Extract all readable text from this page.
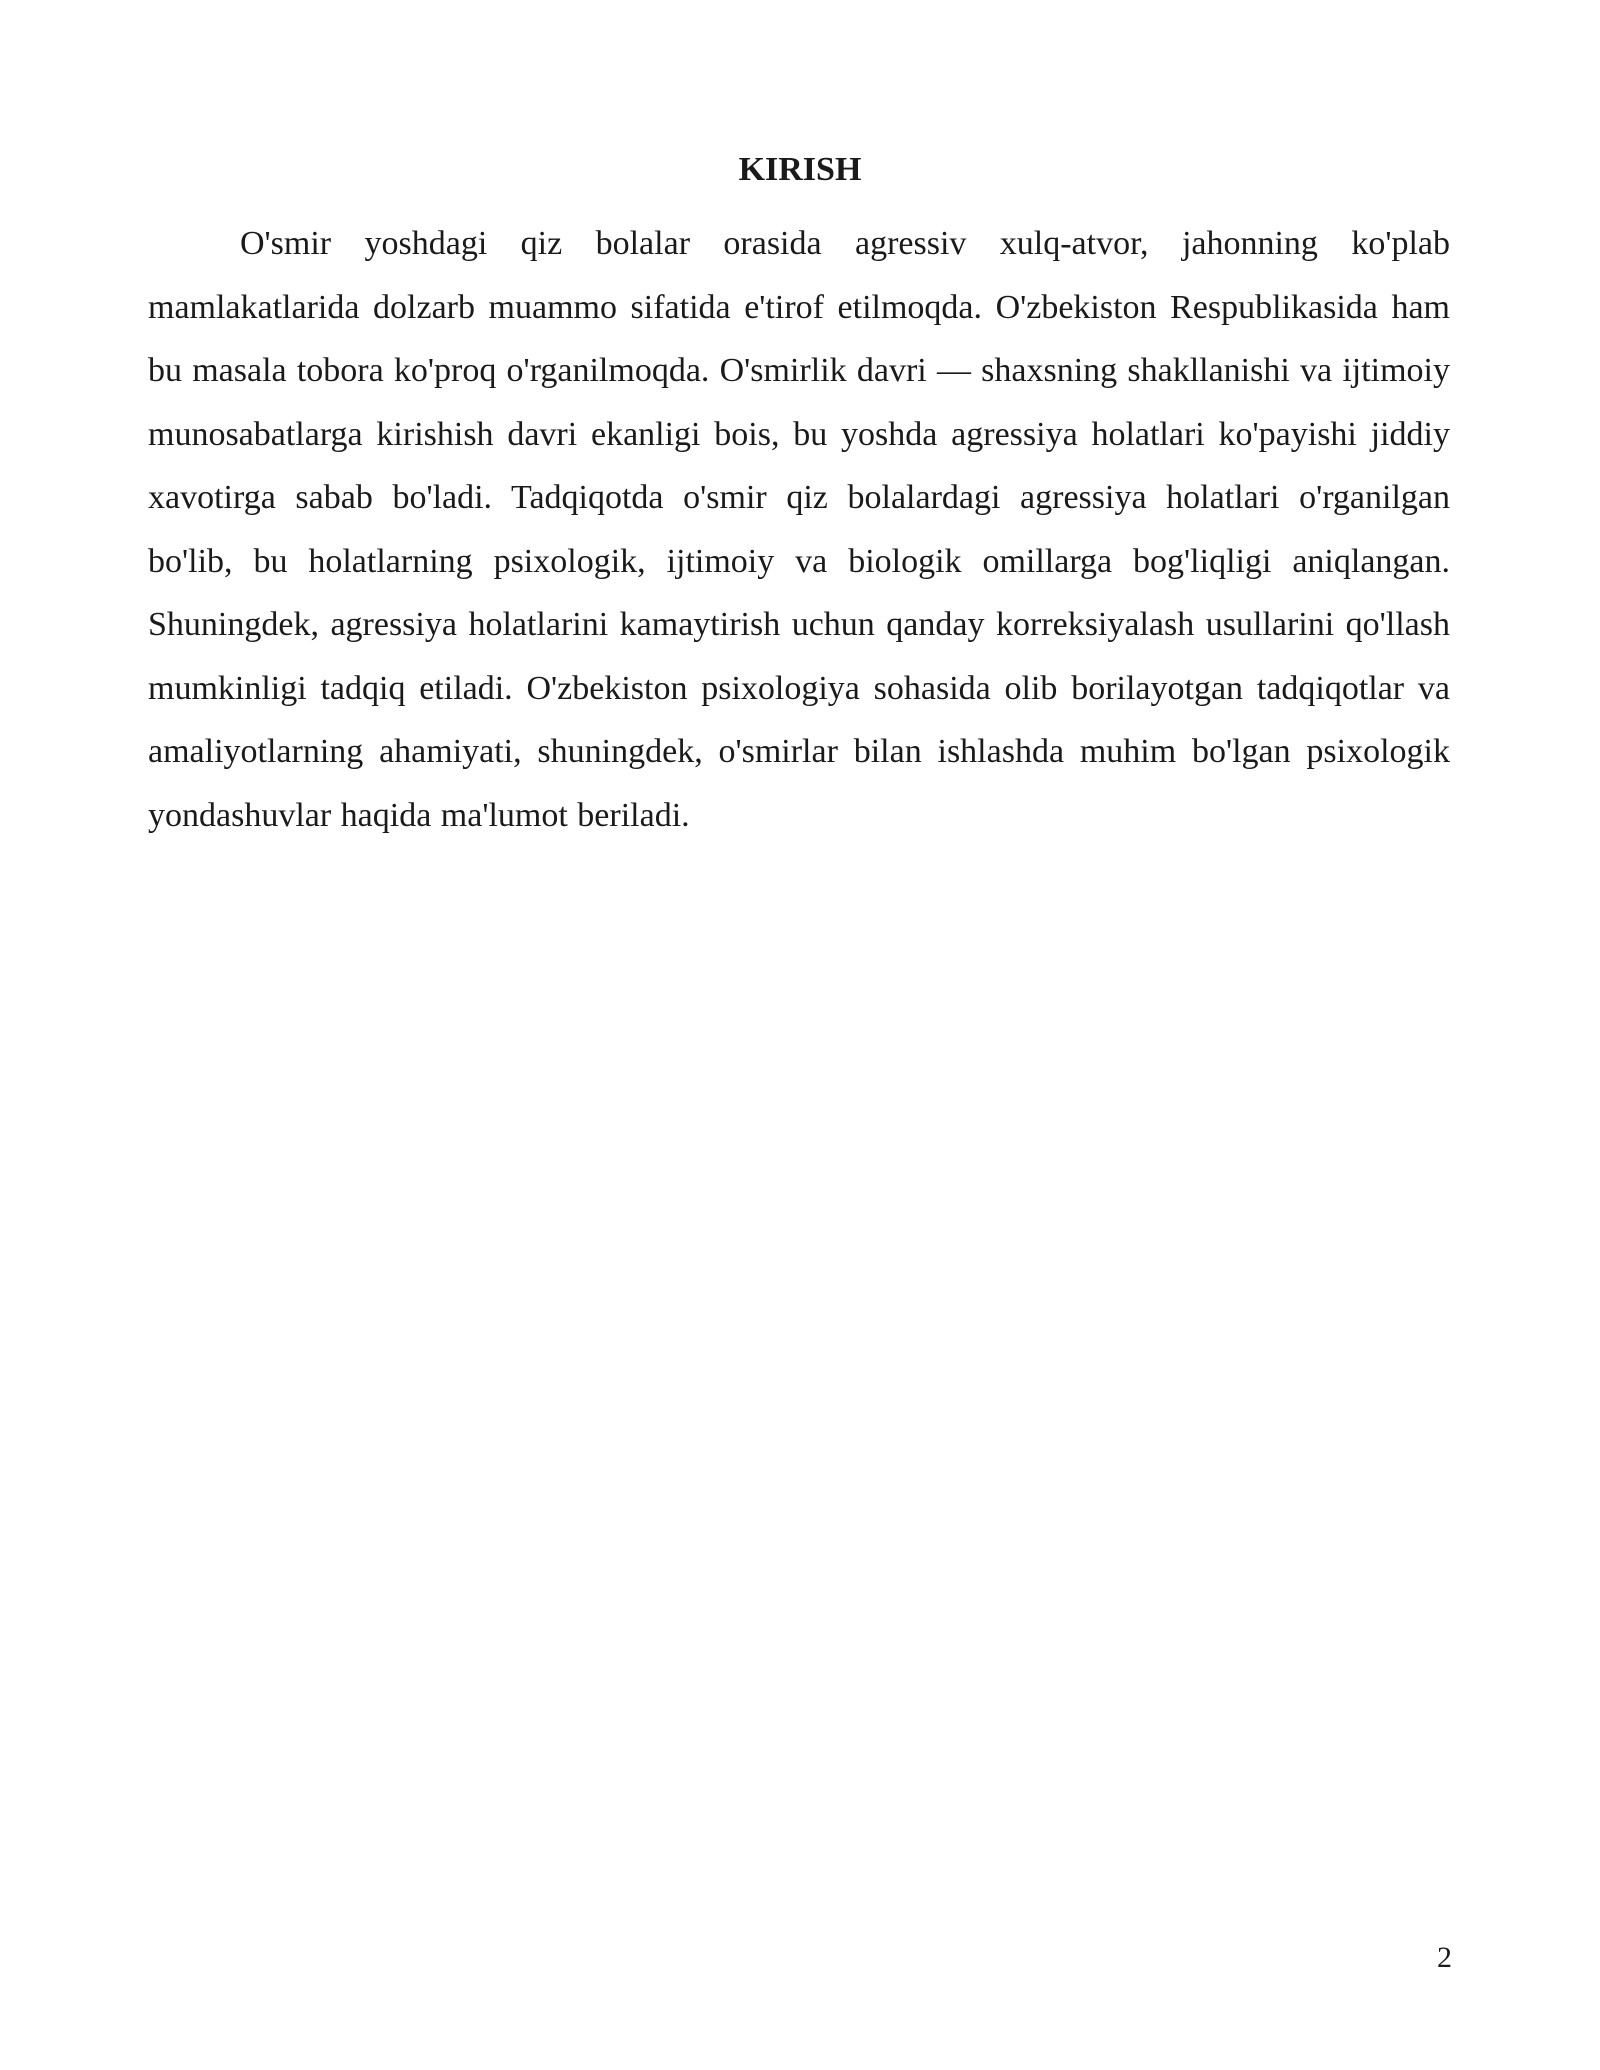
KIRISH

O'smir yoshdagi qiz bolalar orasida agressiv xulq-atvor, jahonning ko'plab mamlakatlarida dolzarb muammo sifatida e'tirof etilmoqda. O'zbekiston Respublikasida ham bu masala tobora ko'proq o'rganilmoqda. O'smirlik davri — shaxsning shakllanishi va ijtimoiy munosabatlarga kirishish davri ekanligi bois, bu yoshda agressiya holatlari ko'payishi jiddiy xavotirga sabab bo'ladi. Tadqiqotda o'smir qiz bolalardagi agressiya holatlari o'rganilgan bo'lib, bu holatlarning psixologik, ijtimoiy va biologik omillarga bog'liqligi aniqlangan. Shuningdek, agressiya holatlarini kamaytirish uchun qanday korreksiyalash usullarini qo'llash mumkinligi tadqiq etiladi. O'zbekiston psixologiya sohasida olib borilayotgan tadqiqotlar va amaliyotlarning ahamiyati, shuningdek, o'smirlar bilan ishlashda muhim bo'lgan psixologik yondashuvlar haqida ma'lumot beriladi.

2
